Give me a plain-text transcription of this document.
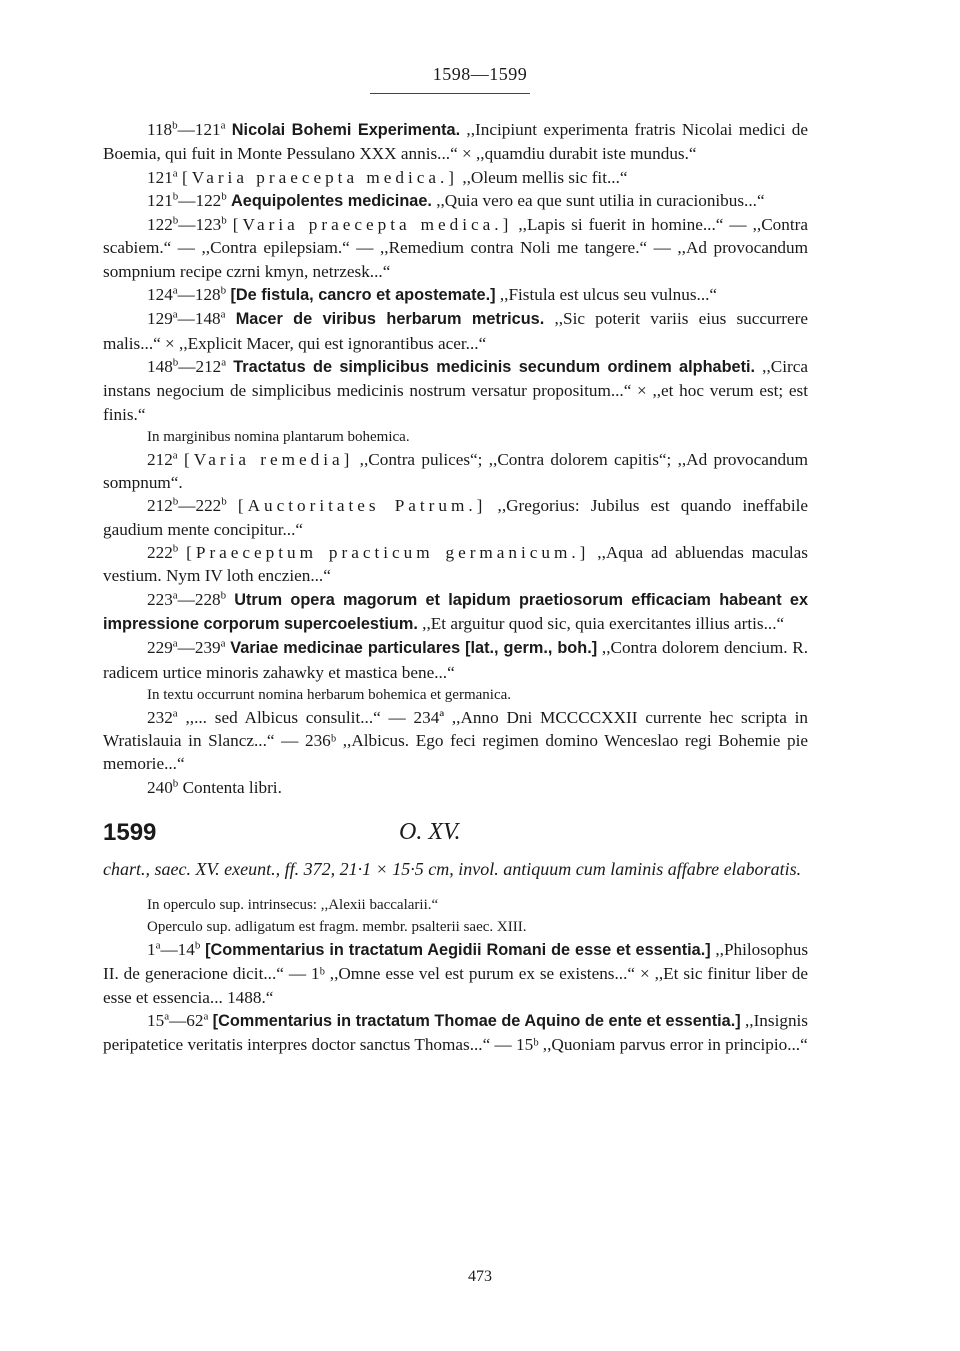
1598—1599

118$^b$—121$^a$ Nicolai Bohemi Experimenta. ,,Incipiunt experimenta fratris Nicolai medici de Boemia, qui fuit in Monte Pessulano XXX annis...“ × ,,quamdiu durabit iste mundus.“

121$^a$ [Varia praecepta medica.] ,,Oleum mellis sic fit...“

121$^b$—122$^b$ Aequipolentes medicinae. ,,Quia vero ea que sunt utilia in curacionibus...“

122$^b$—123$^b$ [Varia praecepta medica.] ,,Lapis si fuerit in homine...“ — ,,Contra scabiem.“ — ,,Contra epilepsiam.“ — ,,Remedium contra Noli me tangere.“ — ,,Ad provocandum sompnium recipe czrni kmyn, netrzesk...“

124$^a$—128$^b$ [De fistula, cancro et apostemate.] ,,Fistula est ulcus seu vulnus...“

129$^a$—148$^a$ Macer de viribus herbarum metricus. ,,Sic poterit variis eius succurrere malis...“ × ,,Explicit Macer, qui est ignorantibus acer...“

148$^b$—212$^a$ Tractatus de simplicibus medicinis secundum ordinem alphabeti. ,,Circa instans negocium de simplicibus medicinis nostrum versatur propositum...“ × ,,et hoc verum est; est finis.“

In marginibus nomina plantarum bohemica.

212$^a$ [Varia remedia] ,,Contra pulices“; ,,Contra dolorem capitis“; ,,Ad provocandum sompnum“.

212$^b$—222$^b$ [Auctoritates Patrum.] ,,Gregorius: Jubilus est quando ineffabile gaudium mente concipitur...“

222$^b$ [Praeceptum practicum germanicum.] ,,Aqua ad abluendas maculas vestium. Nym IV loth enczien...“

223$^a$—228$^b$ Utrum opera magorum et lapidum praetiosorum efficaciam habeant ex impressione corporum supercoelestium. ,,Et arguitur quod sic, quia exercitantes illius artis...“

229$^a$—239$^a$ Variae medicinae particulares [lat., germ., boh.] ,,Contra dolorem dencium. R. radicem urtice minoris zahawky et mastica bene...“

In textu occurrunt nomina herbarum bohemica et germanica.

232$^a$ ,,... sed Albicus consulit...“ — 234ª ,,Anno Dni MCCCCXXII currente hec scripta in Wratislauia in Slancz...“ — 236ᵇ ,,Albicus. Ego feci regimen domino Wenceslao regi Bohemie pie memorie...“

240$^b$ Contenta libri.

1599	O. XV.

chart., saec. XV. exeunt., ff. 372, 21·1 × 15·5 cm, invol. antiquum cum laminis affabre elaboratis.

In operculo sup. intrinsecus: ,,Alexii baccalarii.“

Operculo sup. adligatum est fragm. membr. psalterii saec. XIII.

1$^a$—14$^b$ [Commentarius in tractatum Aegidii Romani de esse et essentia.] ,,Philosophus II. de generacione dicit...“ — 1ᵇ ,,Omne esse vel est purum ex se existens...“ × ,,Et sic finitur liber de esse et essencia... 1488.“

15$^a$—62$^a$ [Commentarius in tractatum Thomae de Aquino de ente et essentia.] ,,Insignis peripatetice veritatis interpres doctor sanctus Thomas...“ — 15ᵇ ,,Quoniam parvus error in principio...“

473
